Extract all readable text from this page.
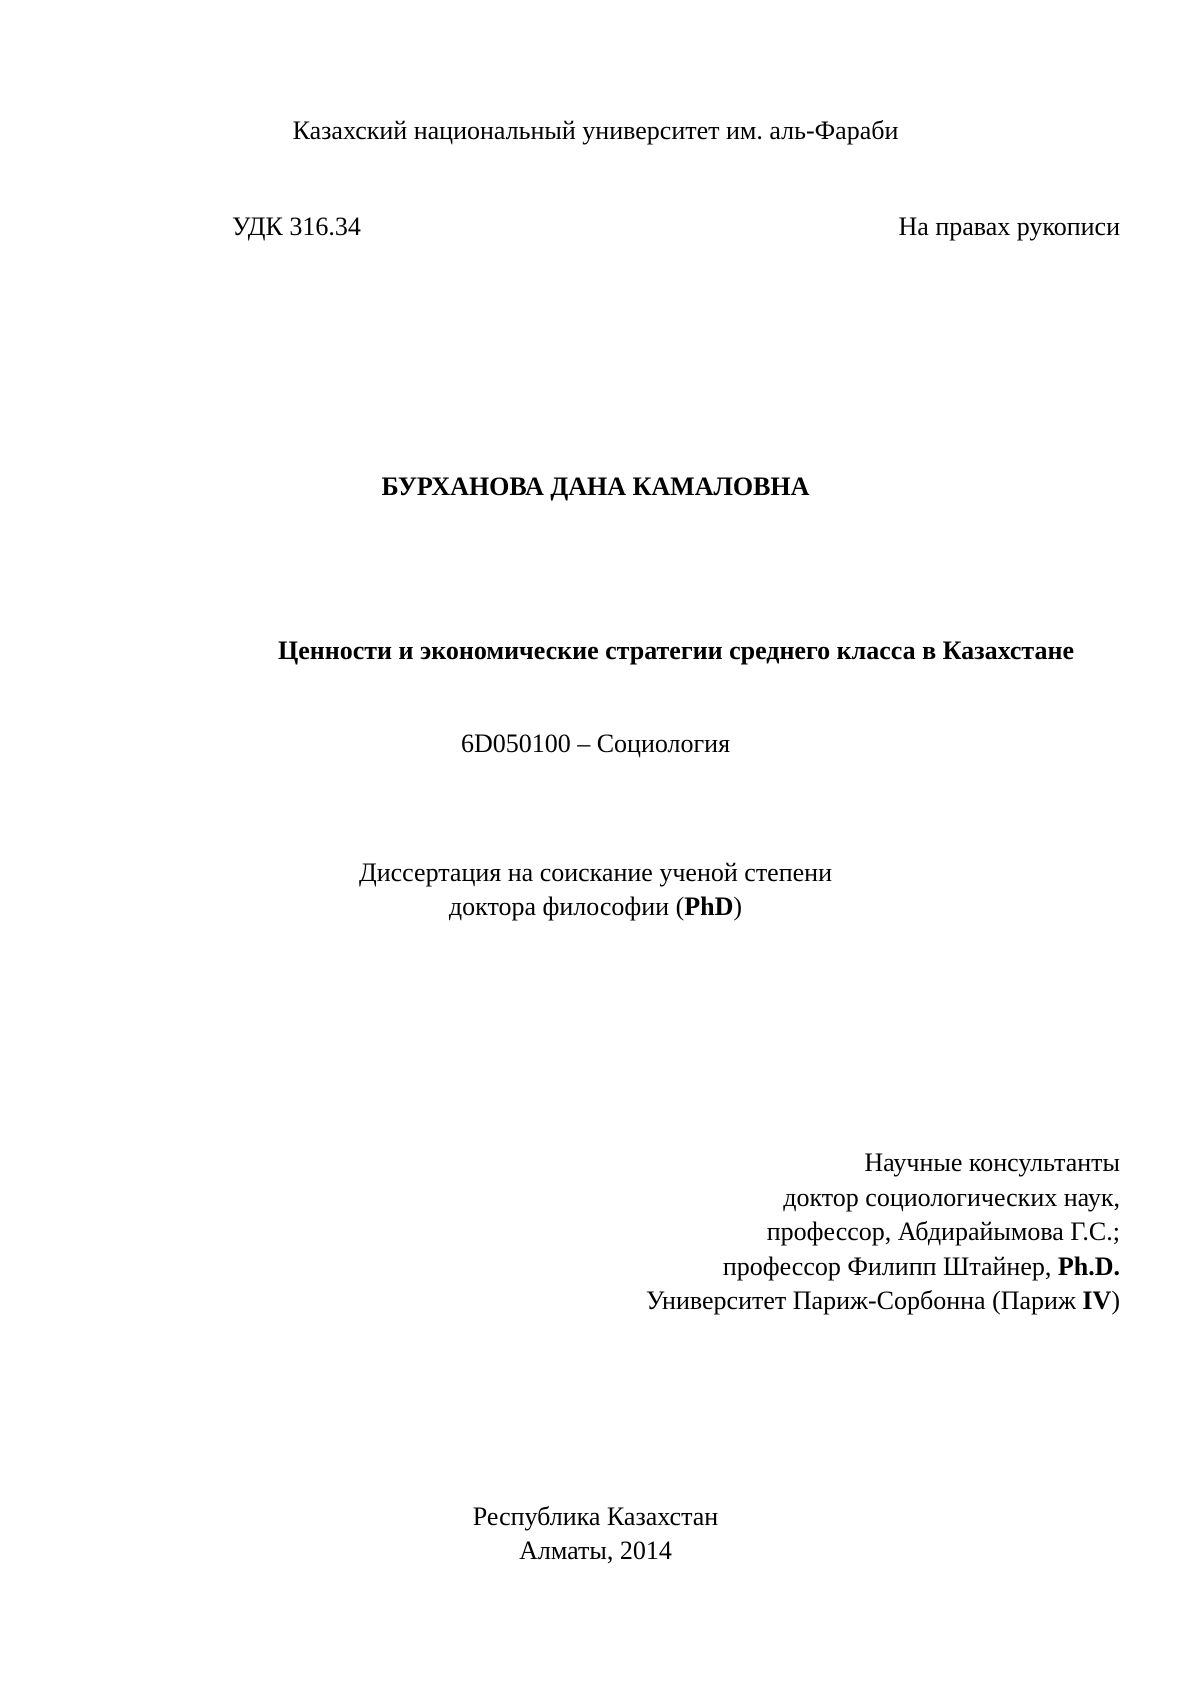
Казахский национальный университет им. аль-Фараби
УДК 316.34	На правах рукописи
БУРХАНОВА ДАНА КАМАЛОВНА
Ценности и экономические стратегии среднего класса в Казахстане
6D050100 – Социология
Диссертация на соискание ученой степени
доктора философии (PhD)
Научные консультанты
доктор социологических наук,
профессор, Абдирайымова Г.С.;
профессор Филипп Штайнер, Ph.D.
Университет Париж-Сорбонна (Париж IV)
Республика Казахстан
Алматы, 2014
